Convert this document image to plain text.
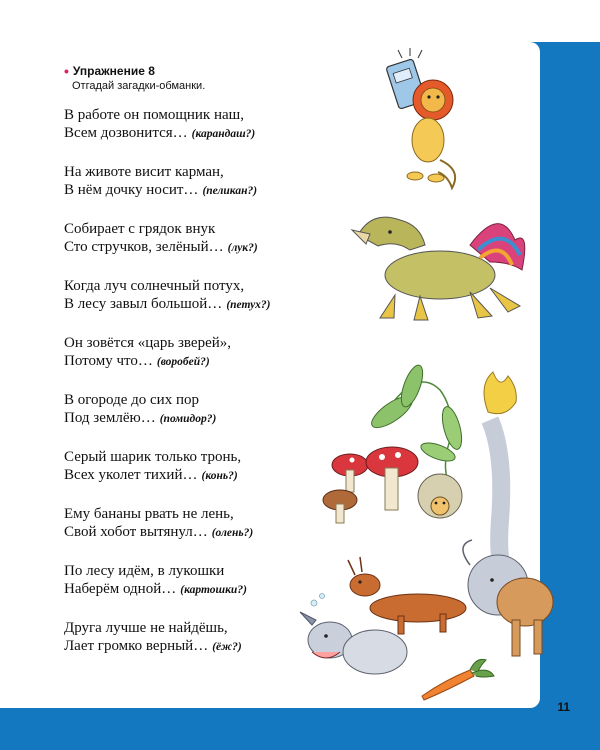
• Упражнение 8
Отгадай загадки-обманки.
В работе он помощник наш,
Всем дозвонится… (карандаш?)
На животе висит карман,
В нём дочку носит… (пеликан?)
Собирает с грядок внук
Сто стручков, зелёный… (лук?)
Когда луч солнечный потух,
В лесу завыл большой… (петух?)
Он зовётся «царь зверей»,
Потому что… (воробей?)
В огороде до сих пор
Под землёю… (помидор?)
Серый шарик только тронь,
Всех уколет тихий… (конь?)
Ему бананы рвать не лень,
Свой хобот вытянул… (олень?)
По лесу идём, в лукошки
Наберём одной… (картошки?)
Друга лучше не найдёшь,
Лает громко верный… (ёж?)
11
